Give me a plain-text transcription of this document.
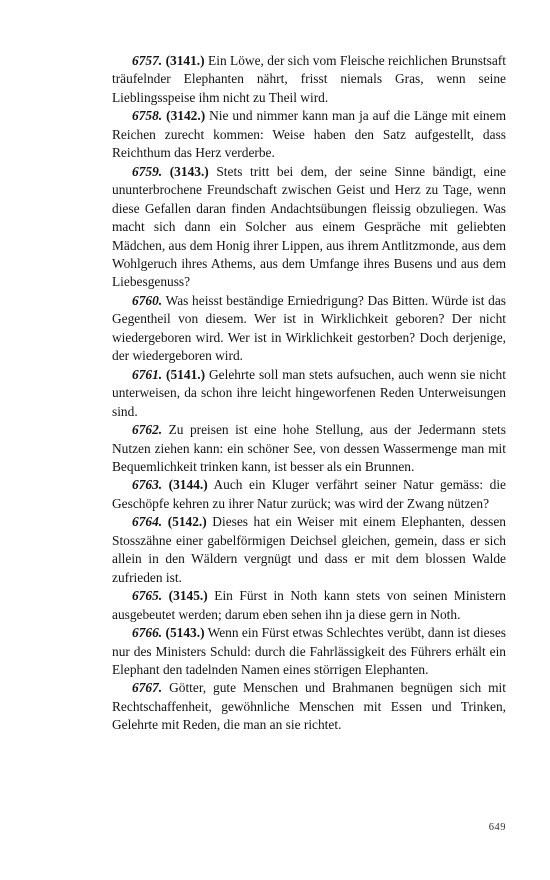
6757. (3141.) Ein Löwe, der sich vom Fleische reichlichen Brunstsaft träufelnder Elephanten nährt, frisst niemals Gras, wenn seine Lieblingsspeise ihm nicht zu Theil wird.

6758. (3142.) Nie und nimmer kann man ja auf die Länge mit einem Reichen zurecht kommen: Weise haben den Satz aufgestellt, dass Reichthum das Herz verderbe.

6759. (3143.) Stets tritt bei dem, der seine Sinne bändigt, eine ununterbrochene Freundschaft zwischen Geist und Herz zu Tage, wenn diese Gefallen daran finden Andachtsübungen fleissig obzuliegen. Was macht sich dann ein Solcher aus einem Gespräche mit geliebten Mädchen, aus dem Honig ihrer Lippen, aus ihrem Antlitzmonde, aus dem Wohlgeruch ihres Athems, aus dem Umfange ihres Busens und aus dem Liebesgenuss?

6760. Was heisst beständige Erniedrigung? Das Bitten. Würde ist das Gegentheil von diesem. Wer ist in Wirklichkeit geboren? Der nicht wiedergeboren wird. Wer ist in Wirklichkeit gestorben? Doch derjenige, der wiedergeboren wird.

6761. (5141.) Gelehrte soll man stets aufsuchen, auch wenn sie nicht unterweisen, da schon ihre leicht hingeworfenen Reden Unterweisungen sind.

6762. Zu preisen ist eine hohe Stellung, aus der Jedermann stets Nutzen ziehen kann: ein schöner See, von dessen Wassermenge man mit Bequemlichkeit trinken kann, ist besser als ein Brunnen.

6763. (3144.) Auch ein Kluger verfährt seiner Natur gemäss: die Geschöpfe kehren zu ihrer Natur zurück; was wird der Zwang nützen?

6764. (5142.) Dieses hat ein Weiser mit einem Elephanten, dessen Stosszähne einer gabelförmigen Deichsel gleichen, gemein, dass er sich allein in den Wäldern vergnügt und dass er mit dem blossen Walde zufrieden ist.

6765. (3145.) Ein Fürst in Noth kann stets von seinen Ministern ausgebeutet werden; darum eben sehen ihn ja diese gern in Noth.

6766. (5143.) Wenn ein Fürst etwas Schlechtes verübt, dann ist dieses nur des Ministers Schuld: durch die Fahrlässigkeit des Führers erhält ein Elephant den tadelnden Namen eines störrigen Elephanten.

6767. Götter, gute Menschen und Brahmanen begnügen sich mit Rechtschaffenheit, gewöhnliche Menschen mit Essen und Trinken, Gelehrte mit Reden, die man an sie richtet.

649
